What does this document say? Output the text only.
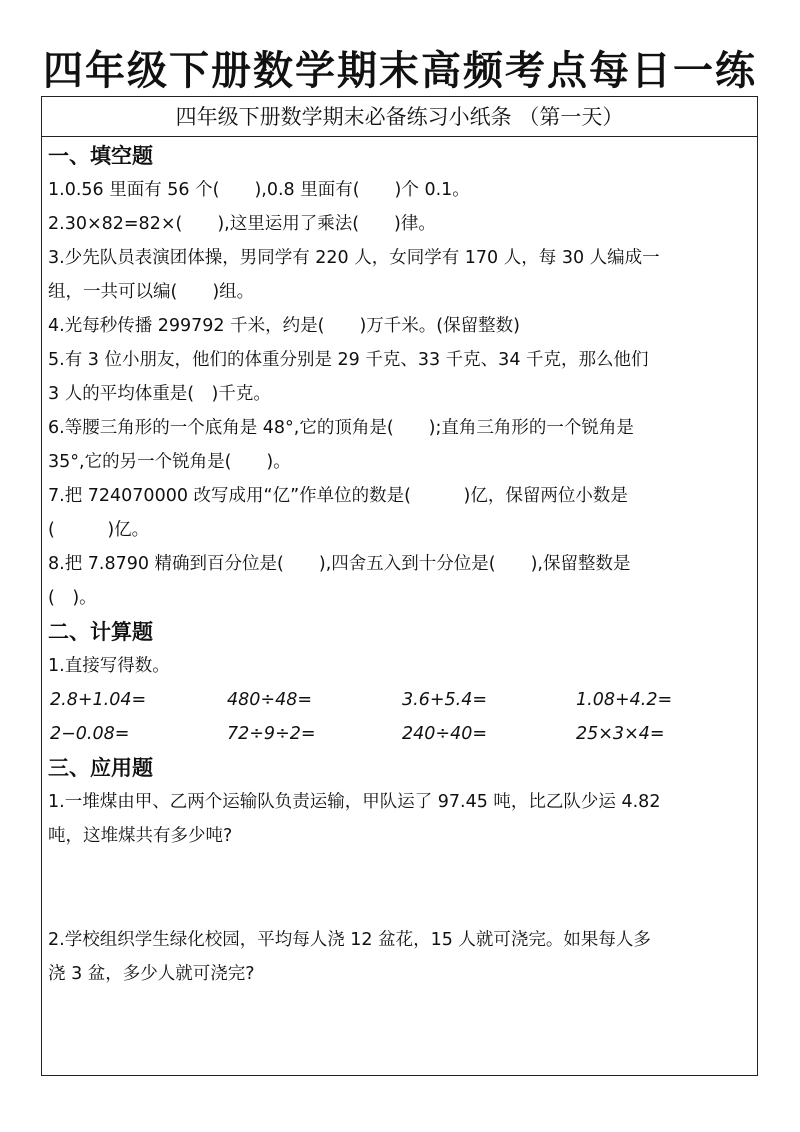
四年级下册数学期末高频考点每日一练
四年级下册数学期末必备练习小纸条 （第一天）
一、填空题
1.0.56 里面有 56 个(　　),0.8 里面有(　　)个 0.1。
2.30×82=82×(　　),这里运用了乘法(　　)律。
3.少先队员表演团体操，男同学有 220 人，女同学有 170 人，每 30 人编成一
组，一共可以编(　　)组。
4.光每秒传播 299792 千米，约是(　　)万千米。(保留整数)
5.有 3 位小朋友，他们的体重分别是 29 千克、33 千克、34 千克，那么他们
3 人的平均体重是(　)千克。
6.等腰三角形的一个底角是 48°,它的顶角是(　　);直角三角形的一个锐角是
35°,它的另一个锐角是(　　)。
7.把 724070000 改写成用“亿”作单位的数是(　　　)亿，保留两位小数是
(　　　)亿。
8.把 7.8790 精确到百分位是(　　),四舍五入到十分位是(　　),保留整数是
(　)。
二、计算题
1.直接写得数。
2.8+1.04=	480÷48=	3.6+5.4=	1.08+4.2=
2−0.08=	72÷9÷2=	240÷40=	25×3×4=
三、应用题
1.一堆煤由甲、乙两个运输队负责运输，甲队运了 97.45 吨，比乙队少运 4.82
吨，这堆煤共有多少吨?
2.学校组织学生绿化校园，平均每人浇 12 盆花，15 人就可浇完。如果每人多
浇 3 盆，多少人就可浇完?
